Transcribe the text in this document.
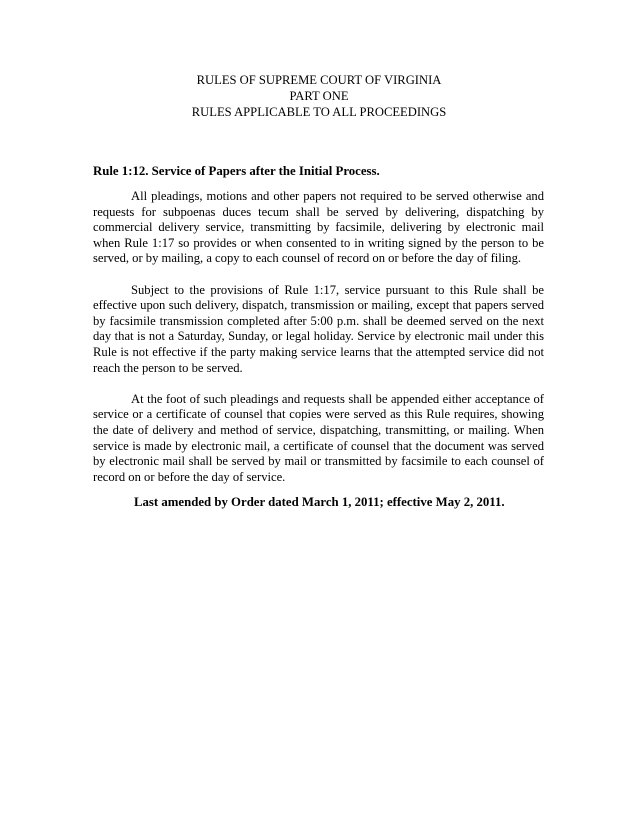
RULES OF SUPREME COURT OF VIRGINIA
PART ONE
RULES APPLICABLE TO ALL PROCEEDINGS
Rule 1:12. Service of Papers after the Initial Process.
All pleadings, motions and other papers not required to be served otherwise and
requests for subpoenas duces tecum shall be served by delivering, dispatching by
commercial delivery service, transmitting by facsimile, delivering by electronic mail
when Rule 1:17 so provides or when consented to in writing signed by the person to be
served, or by mailing, a copy to each counsel of record on or before the day of filing.
Subject to the provisions of Rule 1:17, service pursuant to this Rule shall be
effective upon such delivery, dispatch, transmission or mailing, except that papers served
by facsimile transmission completed after 5:00 p.m. shall be deemed served on the next
day that is not a Saturday, Sunday, or legal holiday. Service by electronic mail under this
Rule is not effective if the party making service learns that the attempted service did not
reach the person to be served.
At the foot of such pleadings and requests shall be appended either acceptance of
service or a certificate of counsel that copies were served as this Rule requires, showing
the date of delivery and method of service, dispatching, transmitting, or mailing. When
service is made by electronic mail, a certificate of counsel that the document was served
by electronic mail shall be served by mail or transmitted by facsimile to each counsel of
record on or before the day of service.
Last amended by Order dated March 1, 2011; effective May 2, 2011.
